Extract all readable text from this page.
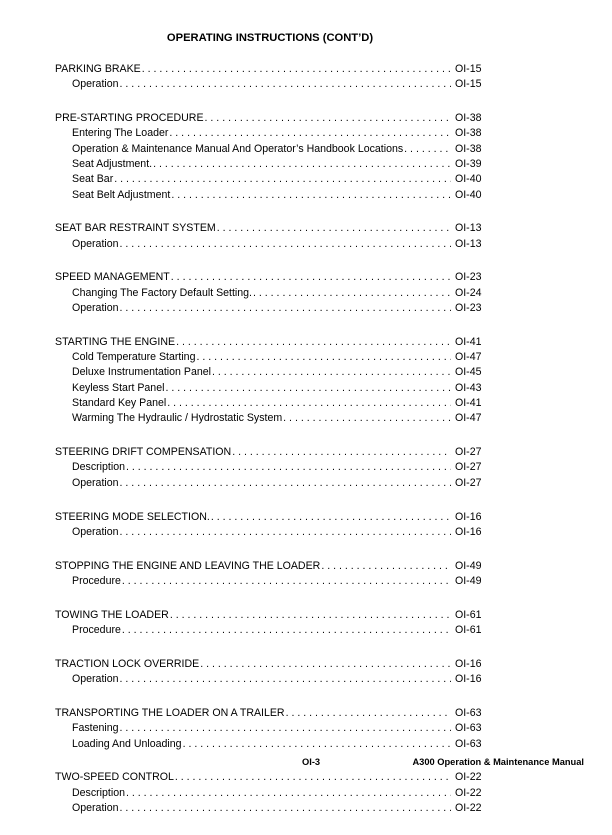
OPERATING INSTRUCTIONS (CONT’D)
PARKING BRAKE . . .	OI-15
Operation . . .	OI-15
PRE-STARTING PROCEDURE . . .	OI-38
Entering The Loader . . .	OI-38
Operation & Maintenance Manual And Operator’s Handbook Locations . . .	OI-38
Seat Adjustment. . . .	OI-39
Seat Bar . . .	OI-40
Seat Belt Adjustment . . .	OI-40
SEAT BAR RESTRAINT SYSTEM . . .	OI-13
Operation . . .	OI-13
SPEED MANAGEMENT . . .	OI-23
Changing The Factory Default Setting. . . .	OI-24
Operation . . .	OI-23
STARTING THE ENGINE . . .	OI-41
Cold Temperature Starting . . .	OI-47
Deluxe Instrumentation Panel . . .	OI-45
Keyless Start Panel . . .	OI-43
Standard Key Panel . . .	OI-41
Warming The Hydraulic / Hydrostatic System . . .	OI-47
STEERING DRIFT COMPENSATION . . .	OI-27
Description . . .	OI-27
Operation . . .	OI-27
STEERING MODE SELECTION. . . .	OI-16
Operation . . .	OI-16
STOPPING THE ENGINE AND LEAVING THE LOADER . . .	OI-49
Procedure . . .	OI-49
TOWING THE LOADER . . .	OI-61
Procedure . . .	OI-61
TRACTION LOCK OVERRIDE . . .	OI-16
Operation . . .	OI-16
TRANSPORTING THE LOADER ON A TRAILER . . .	OI-63
Fastening . . .	OI-63
Loading And Unloading . . .	OI-63
TWO-SPEED CONTROL . . .	OI-22
Description . . .	OI-22
Operation . . .	OI-22
OI-3	A300 Operation & Maintenance Manual
